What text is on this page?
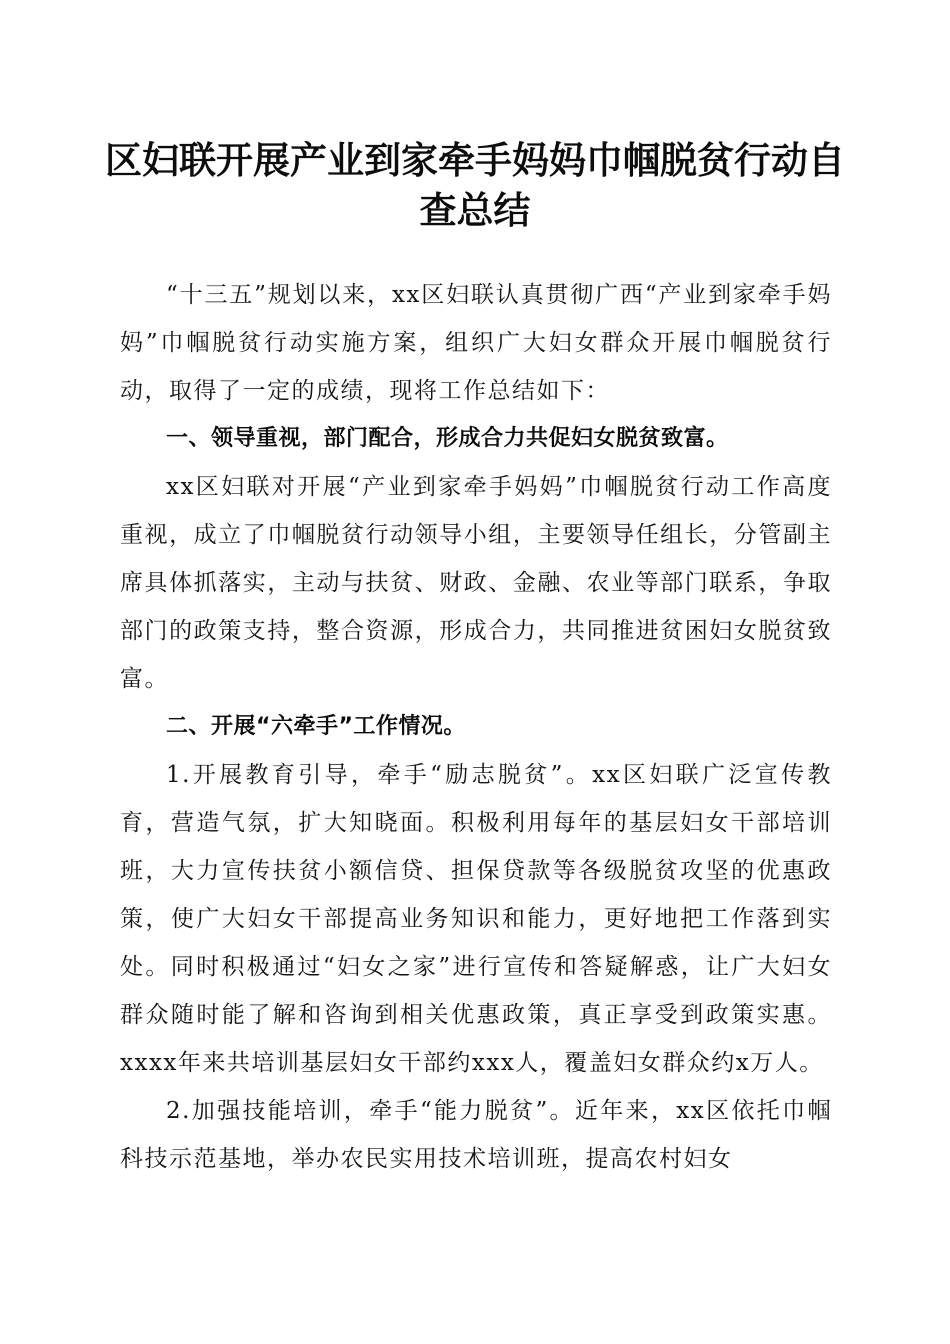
区妇联开展产业到家牵手妈妈巾帼脱贫行动自
查总结

“十三五”规划以来，xx区妇联认真贯彻广西“产业到家牵手妈妈”巾帼脱贫行动实施方案，组织广大妇女群众开展巾帼脱贫行动，取得了一定的成绩，现将工作总结如下：

一、领导重视，部门配合，形成合力共促妇女脱贫致富。

xx区妇联对开展“产业到家牵手妈妈”巾帼脱贫行动工作高度重视，成立了巾帼脱贫行动领导小组，主要领导任组长，分管副主席具体抓落实，主动与扶贫、财政、金融、农业等部门联系，争取部门的政策支持，整合资源，形成合力，共同推进贫困妇女脱贫致富。

二、开展“六牵手”工作情况。

1.开展教育引导，牵手“励志脱贫”。xx区妇联广泛宣传教育，营造气氛，扩大知晓面。积极利用每年的基层妇女干部培训班，大力宣传扶贫小额信贷、担保贷款等各级脱贫攻坚的优惠政策，使广大妇女干部提高业务知识和能力，更好地把工作落到实处。同时积极通过“妇女之家”进行宣传和答疑解惑，让广大妇女群众随时能了解和咨询到相关优惠政策，真正享受到政策实惠。xxxx年来共培训基层妇女干部约xxx人，覆盖妇女群众约x万人。

2.加强技能培训，牵手“能力脱贫”。近年来，xx区依托巾帼科技示范基地，举办农民实用技术培训班，提高农村妇女
